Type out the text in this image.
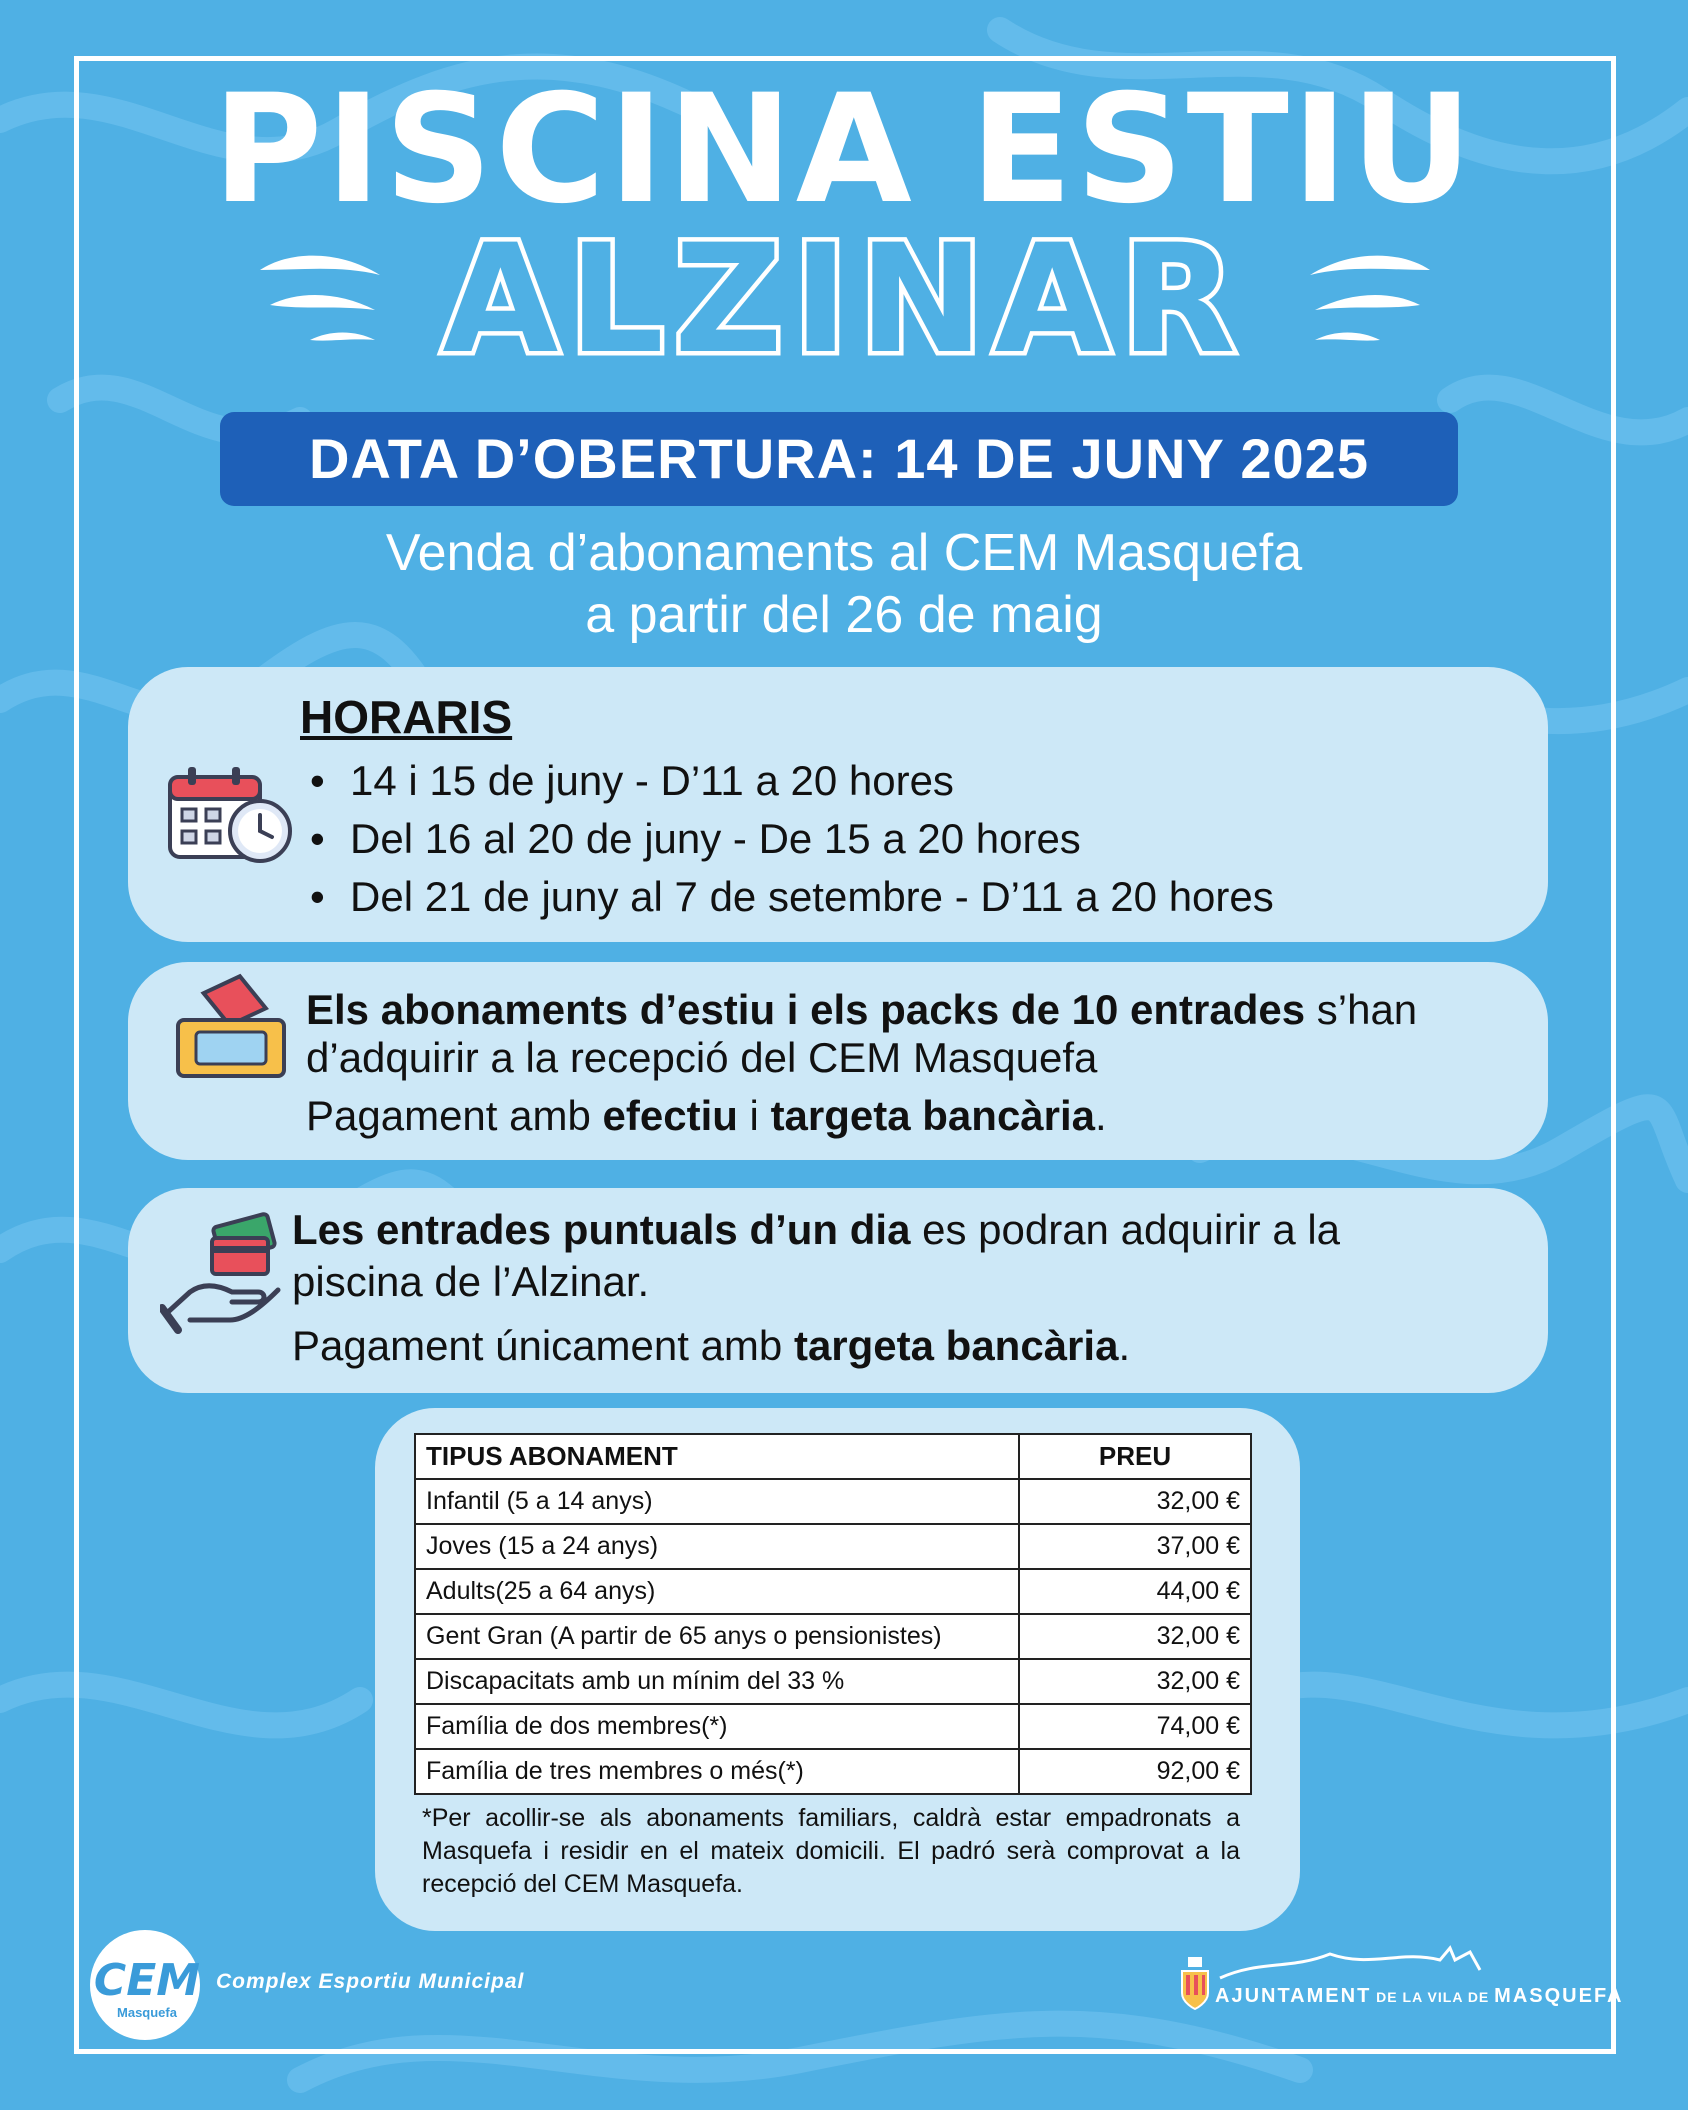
PISCINA ESTIU
ALZINAR
DATA D’OBERTURA: 14 DE JUNY 2025
Venda d’abonaments al CEM Masquefa
a partir del 26 de maig
HORARIS
• 14 i 15 de juny - D’11 a 20 hores
• Del 16 al 20 de juny - De 15 a 20 hores
• Del 21 de juny al 7 de setembre - D’11 a 20 hores
Els abonaments d’estiu i els packs de 10 entrades s’han
d’adquirir a la recepció del CEM Masquefa
Pagament amb efectiu i targeta bancària.
Les entrades puntuals d’un dia es podran adquirir a la
piscina de l’Alzinar.
Pagament únicament amb targeta bancària.
TIPUS ABONAMENT	PREU
Infantil (5 a 14 anys)	32,00 €
Joves (15 a 24 anys)	37,00 €
Adults(25 a 64 anys)	44,00 €
Gent Gran (A partir de 65 anys o pensionistes)	32,00 €
Discapacitats amb un mínim del 33 %	32,00 €
Família de dos membres(*)	74,00 €
Família de tres membres o més(*)	92,00 €
*Per acollir-se als abonaments familiars, caldrà estar empadronats a Masquefa i residir en el mateix domicili. El padró serà comprovat a la recepció del CEM Masquefa.
CEM
Masquefa
Complex Esportiu Municipal
AJUNTAMENT DE LA VILA DE MASQUEFA
